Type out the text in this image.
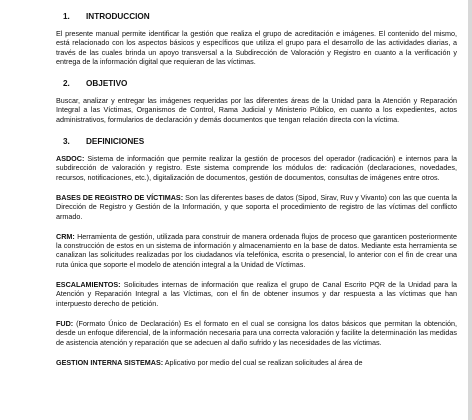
1.	INTRODUCCION
El presente manual permite identificar la gestión que realiza el grupo de acreditación e imágenes. El contenido del mismo, está relacionado con los aspectos básicos y específicos que utiliza el grupo para el desarrollo de las actividades diarias, a través de las cuales brinda un apoyo transversal a la Subdirección de Valoración y Registro en cuanto a la verificación y entrega de la información digital que requieran de las víctimas.
2.	OBJETIVO
Buscar, analizar y entregar las imágenes requeridas por las diferentes áreas de la Unidad para la Atención y Reparación Integral a las Víctimas, Organismos de Control, Rama Judicial y Ministerio Público, en cuanto a los expedientes, actos administrativos, formularios de declaración y demás documentos que tengan relación directa con la víctima.
3.	DEFINICIONES
ASDOC: Sistema de información que permite realizar la gestión de procesos del operador (radicación) e internos para la subdirección de valoración y registro. Este sistema comprende los módulos de: radicación (declaraciones, novedades, recursos, notificaciones, etc.), digitalización de documentos, gestión de documentos, consultas de imágenes entre otros.
BASES DE REGISTRO DE VÍCTIMAS: Son las diferentes bases de datos (Sipod, Sirav, Ruv y Vivanto) con las que cuenta la Dirección de Registro y Gestión de la Información, y que soporta el procedimiento de registro de las víctimas del conflicto armado.
CRM: Herramienta de gestión, utilizada para construir de manera ordenada flujos de proceso que garanticen posteriormente la construcción de estos en un sistema de información y almacenamiento en la base de datos. Mediante esta herramienta se canalizan las solicitudes realizadas por los ciudadanos vía telefónica, escrita o presencial, lo anterior con el fin de crear una ruta única que soporte el modelo de atención integral a la Unidad de Víctimas.
ESCALAMIENTOS: Solicitudes internas de información que realiza el grupo de Canal Escrito PQR de la Unidad para la Atención y Reparación Integral a las Víctimas, con el fin de obtener insumos y dar respuesta a las víctimas que han interpuesto derecho de petición.
FUD: (Formato Único de Declaración) Es el formato en el cual se consigna los datos básicos que permitan la obtención, desde un enfoque diferencial, de la información necesaria para una correcta valoración y facilite la determinación las medidas de asistencia atención y reparación que se adecuen al daño sufrido y las necesidades de las víctimas.
GESTION INTERNA SISTEMAS: Aplicativo por medio del cual se realizan solicitudes al área de
